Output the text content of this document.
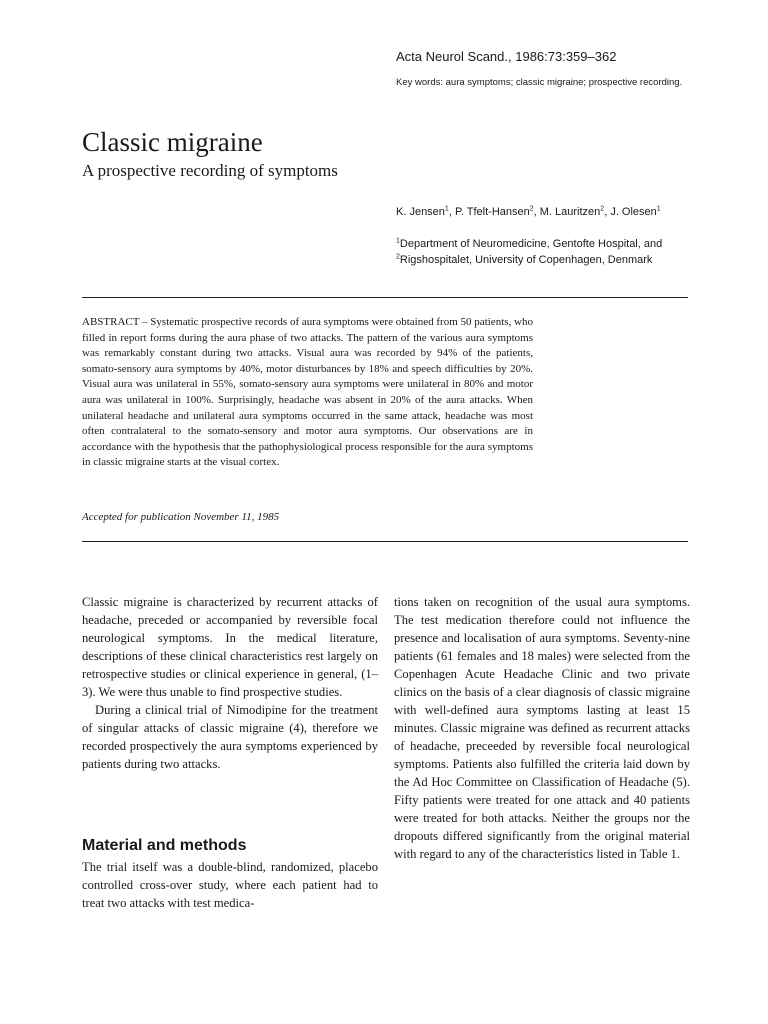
Acta Neurol Scand., 1986:73:359–362
Key words: aura symptoms; classic migraine; prospective recording.
Classic migraine
A prospective recording of symptoms
K. Jensen$^1$, P. Tfelt-Hansen$^2$, M. Lauritzen$^2$, J. Olesen$^1$
$^1$Department of Neuromedicine, Gentofte Hospital, and $^2$Rigshospitalet, University of Copenhagen, Denmark
ABSTRACT – Systematic prospective records of aura symptoms were obtained from 50 patients, who filled in report forms during the aura phase of two attacks. The pattern of the various aura symptoms was remarkably constant during two attacks. Visual aura was recorded by 94% of the patients, somato-sensory aura symptoms by 40%, motor disturbances by 18% and speech difficulties by 20%. Visual aura was unilateral in 55%, somato-sensory aura symptoms were unilateral in 80% and motor aura was unilateral in 100%. Surprisingly, headache was absent in 20% of the aura attacks. When unilateral headache and unilateral aura symptoms occurred in the same attack, headache was most often contralateral to the somato-sensory and motor aura symptoms. Our observations are in accordance with the hypothesis that the pathophysiological process responsible for the aura symptoms in classic migraine starts at the visual cortex.
Accepted for publication November 11, 1985

Classic migraine is characterized by recurrent attacks of headache, preceded or accompanied by reversible focal neurological symptoms. In the medical literature, descriptions of these clinical characteristics rest largely on retrospective studies or clinical experience in general, (1–3). We were thus unable to find prospective studies.

During a clinical trial of Nimodipine for the treatment of singular attacks of classic migraine (4), therefore we recorded prospectively the aura symptoms experienced by patients during two attacks.

Material and methods

The trial itself was a double-blind, randomized, placebo controlled cross-over study, where each patient had to treat two attacks with test medica-

tions taken on recognition of the usual aura symptoms. The test medication therefore could not influence the presence and localisation of aura symptoms. Seventy-nine patients (61 females and 18 males) were selected from the Copenhagen Acute Headache Clinic and two private clinics on the basis of a clear diagnosis of classic migraine with well-defined aura symptoms lasting at least 15 minutes. Classic migraine was defined as recurrent attacks of headache, preceeded by reversible focal neurological symptoms. Patients also fulfilled the criteria laid down by the Ad Hoc Committee on Classification of Headache (5). Fifty patients were treated for one attack and 40 patients were treated for both attacks. Neither the groups nor the dropouts differed significantly from the original material with regard to any of the characteristics listed in Table 1.
